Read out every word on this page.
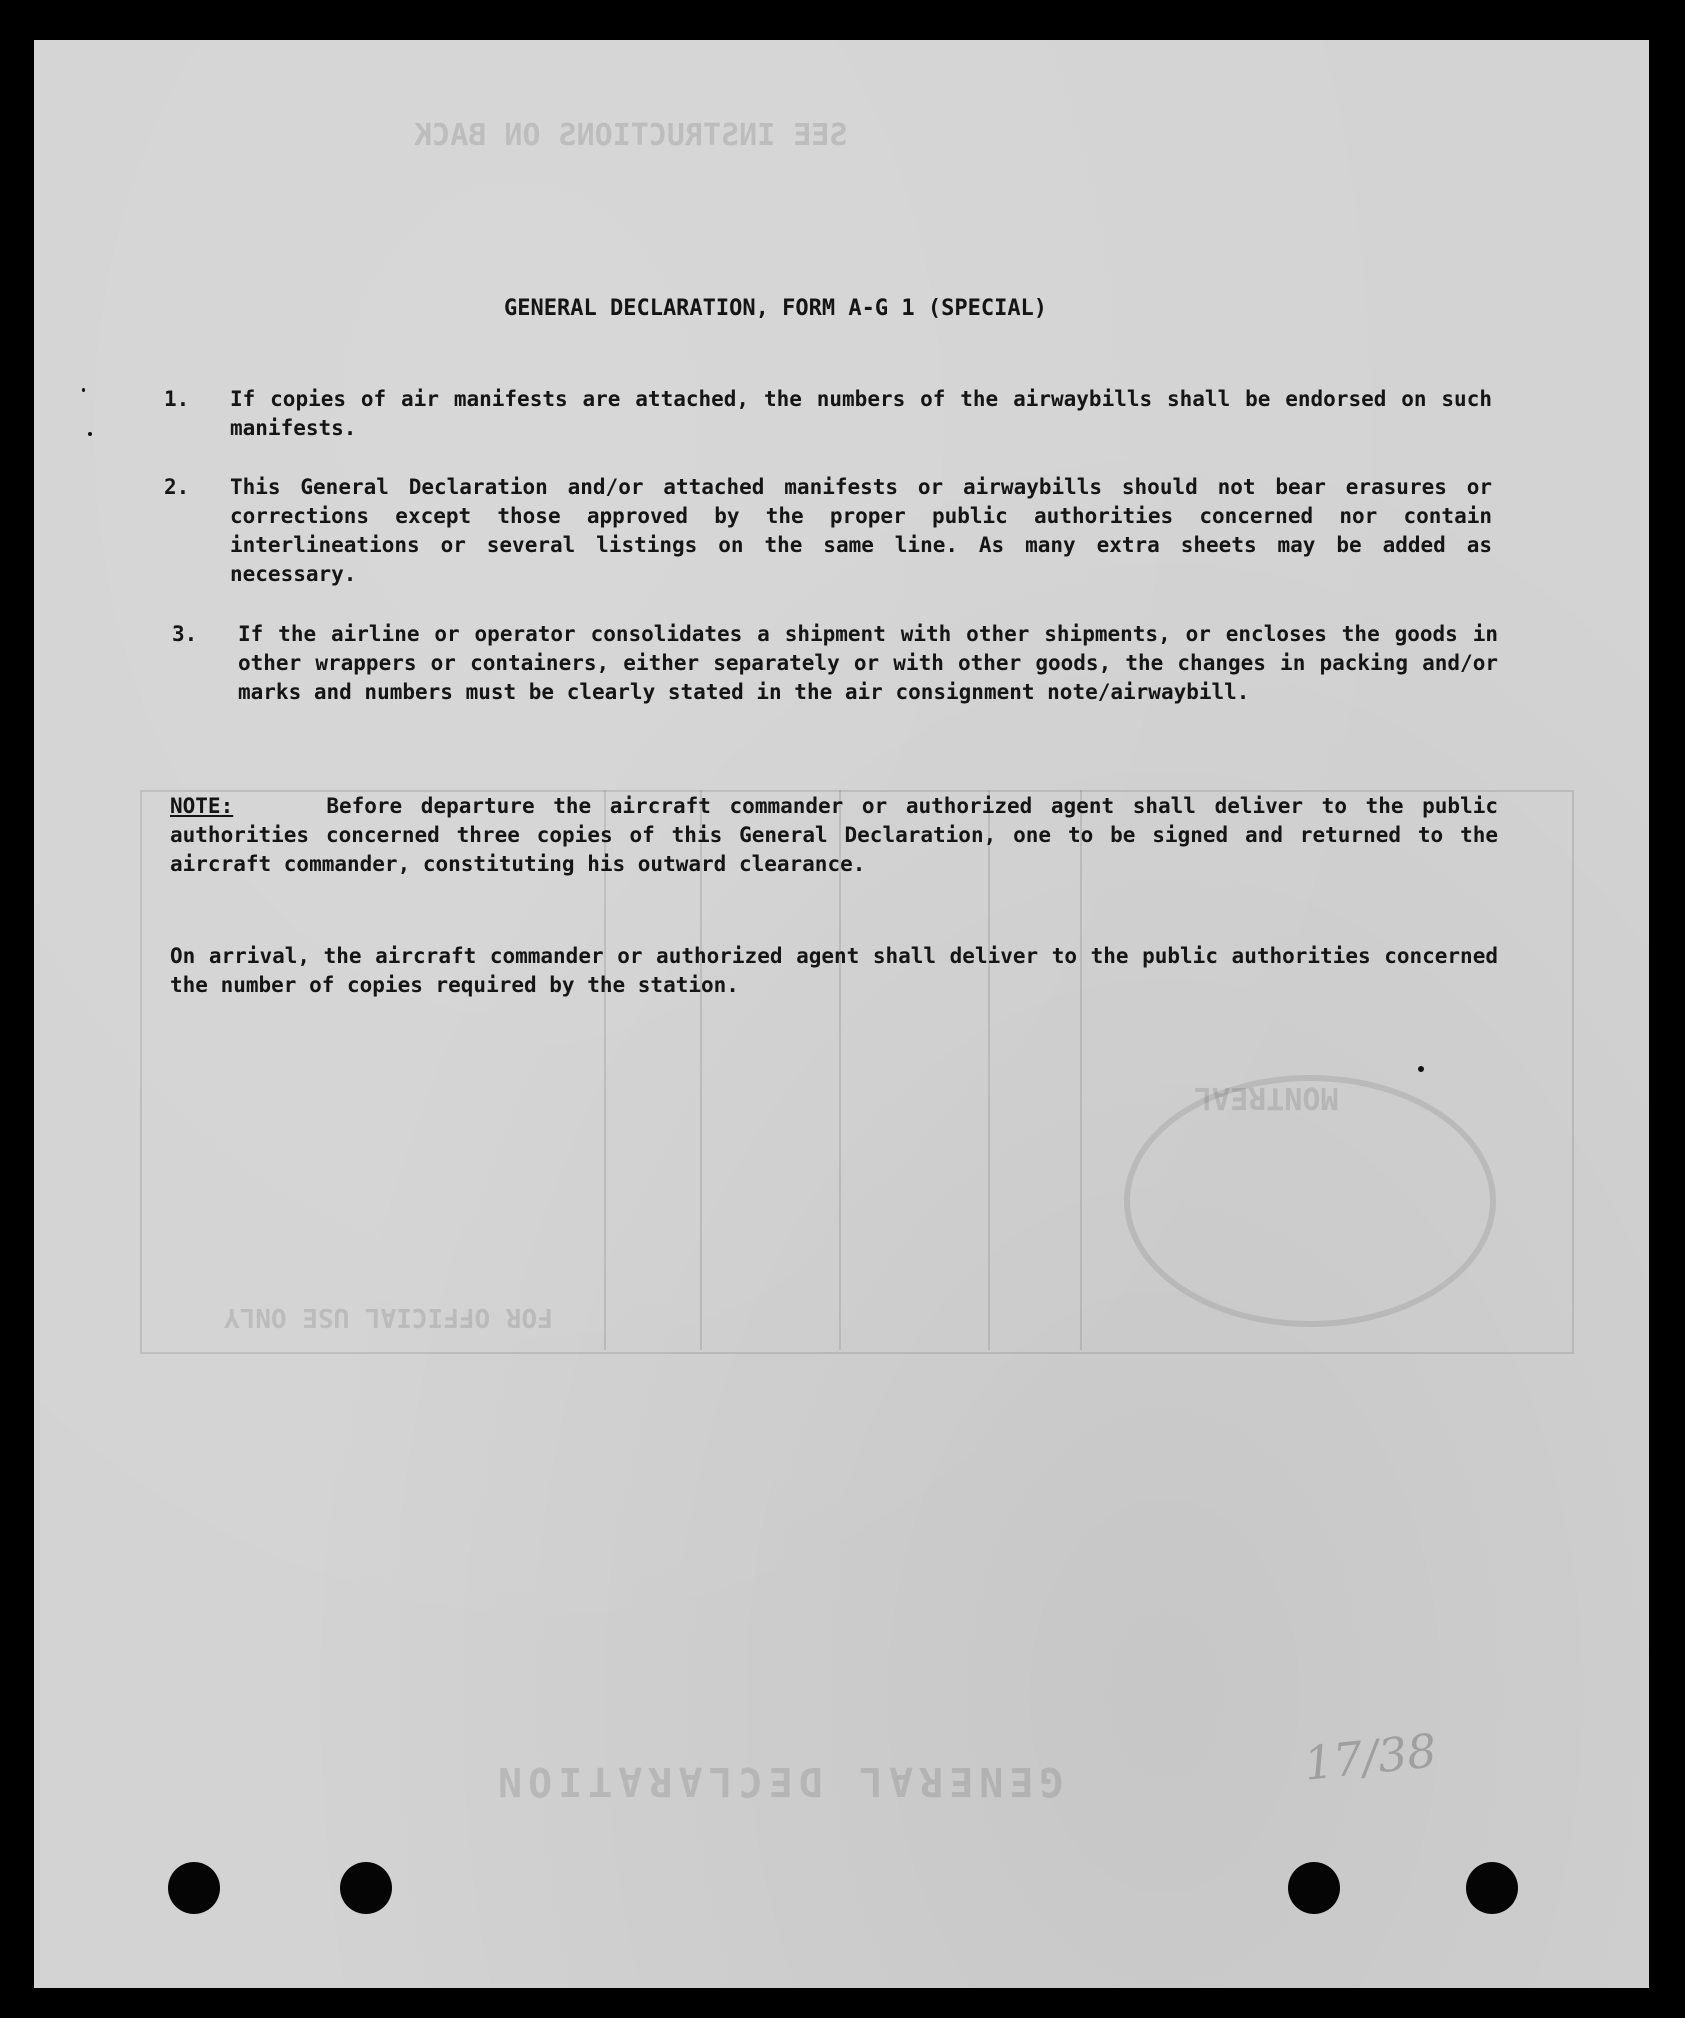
SEE INSTRUCTIONS ON BACK
FOR OFFICIAL USE ONLY
MONTREAL
GENERAL DECLARATION	17/38
GENERAL DECLARATION, FORM A-G 1 (SPECIAL)
1. If copies of air manifests are attached, the numbers of the airwaybills shall be endorsed on such manifests.
2. This General Declaration and/or attached manifests or airwaybills should not bear erasures or corrections except those approved by the proper public authorities concerned nor contain interlineations or several listings on the same line. As many extra sheets may be added as necessary.
3. If the airline or operator consolidates a shipment with other shipments, or encloses the goods in other wrappers or containers, either separately or with other goods, the changes in packing and/or marks and numbers must be clearly stated in the air consignment note/airwaybill.
NOTE:	Before departure the aircraft commander or authorized agent shall deliver to the public authorities concerned three copies of this General Declaration, one to be signed and returned to the aircraft commander, constituting his outward clearance.
On arrival, the aircraft commander or authorized agent shall deliver to the public authorities concerned the number of copies required by the station.
